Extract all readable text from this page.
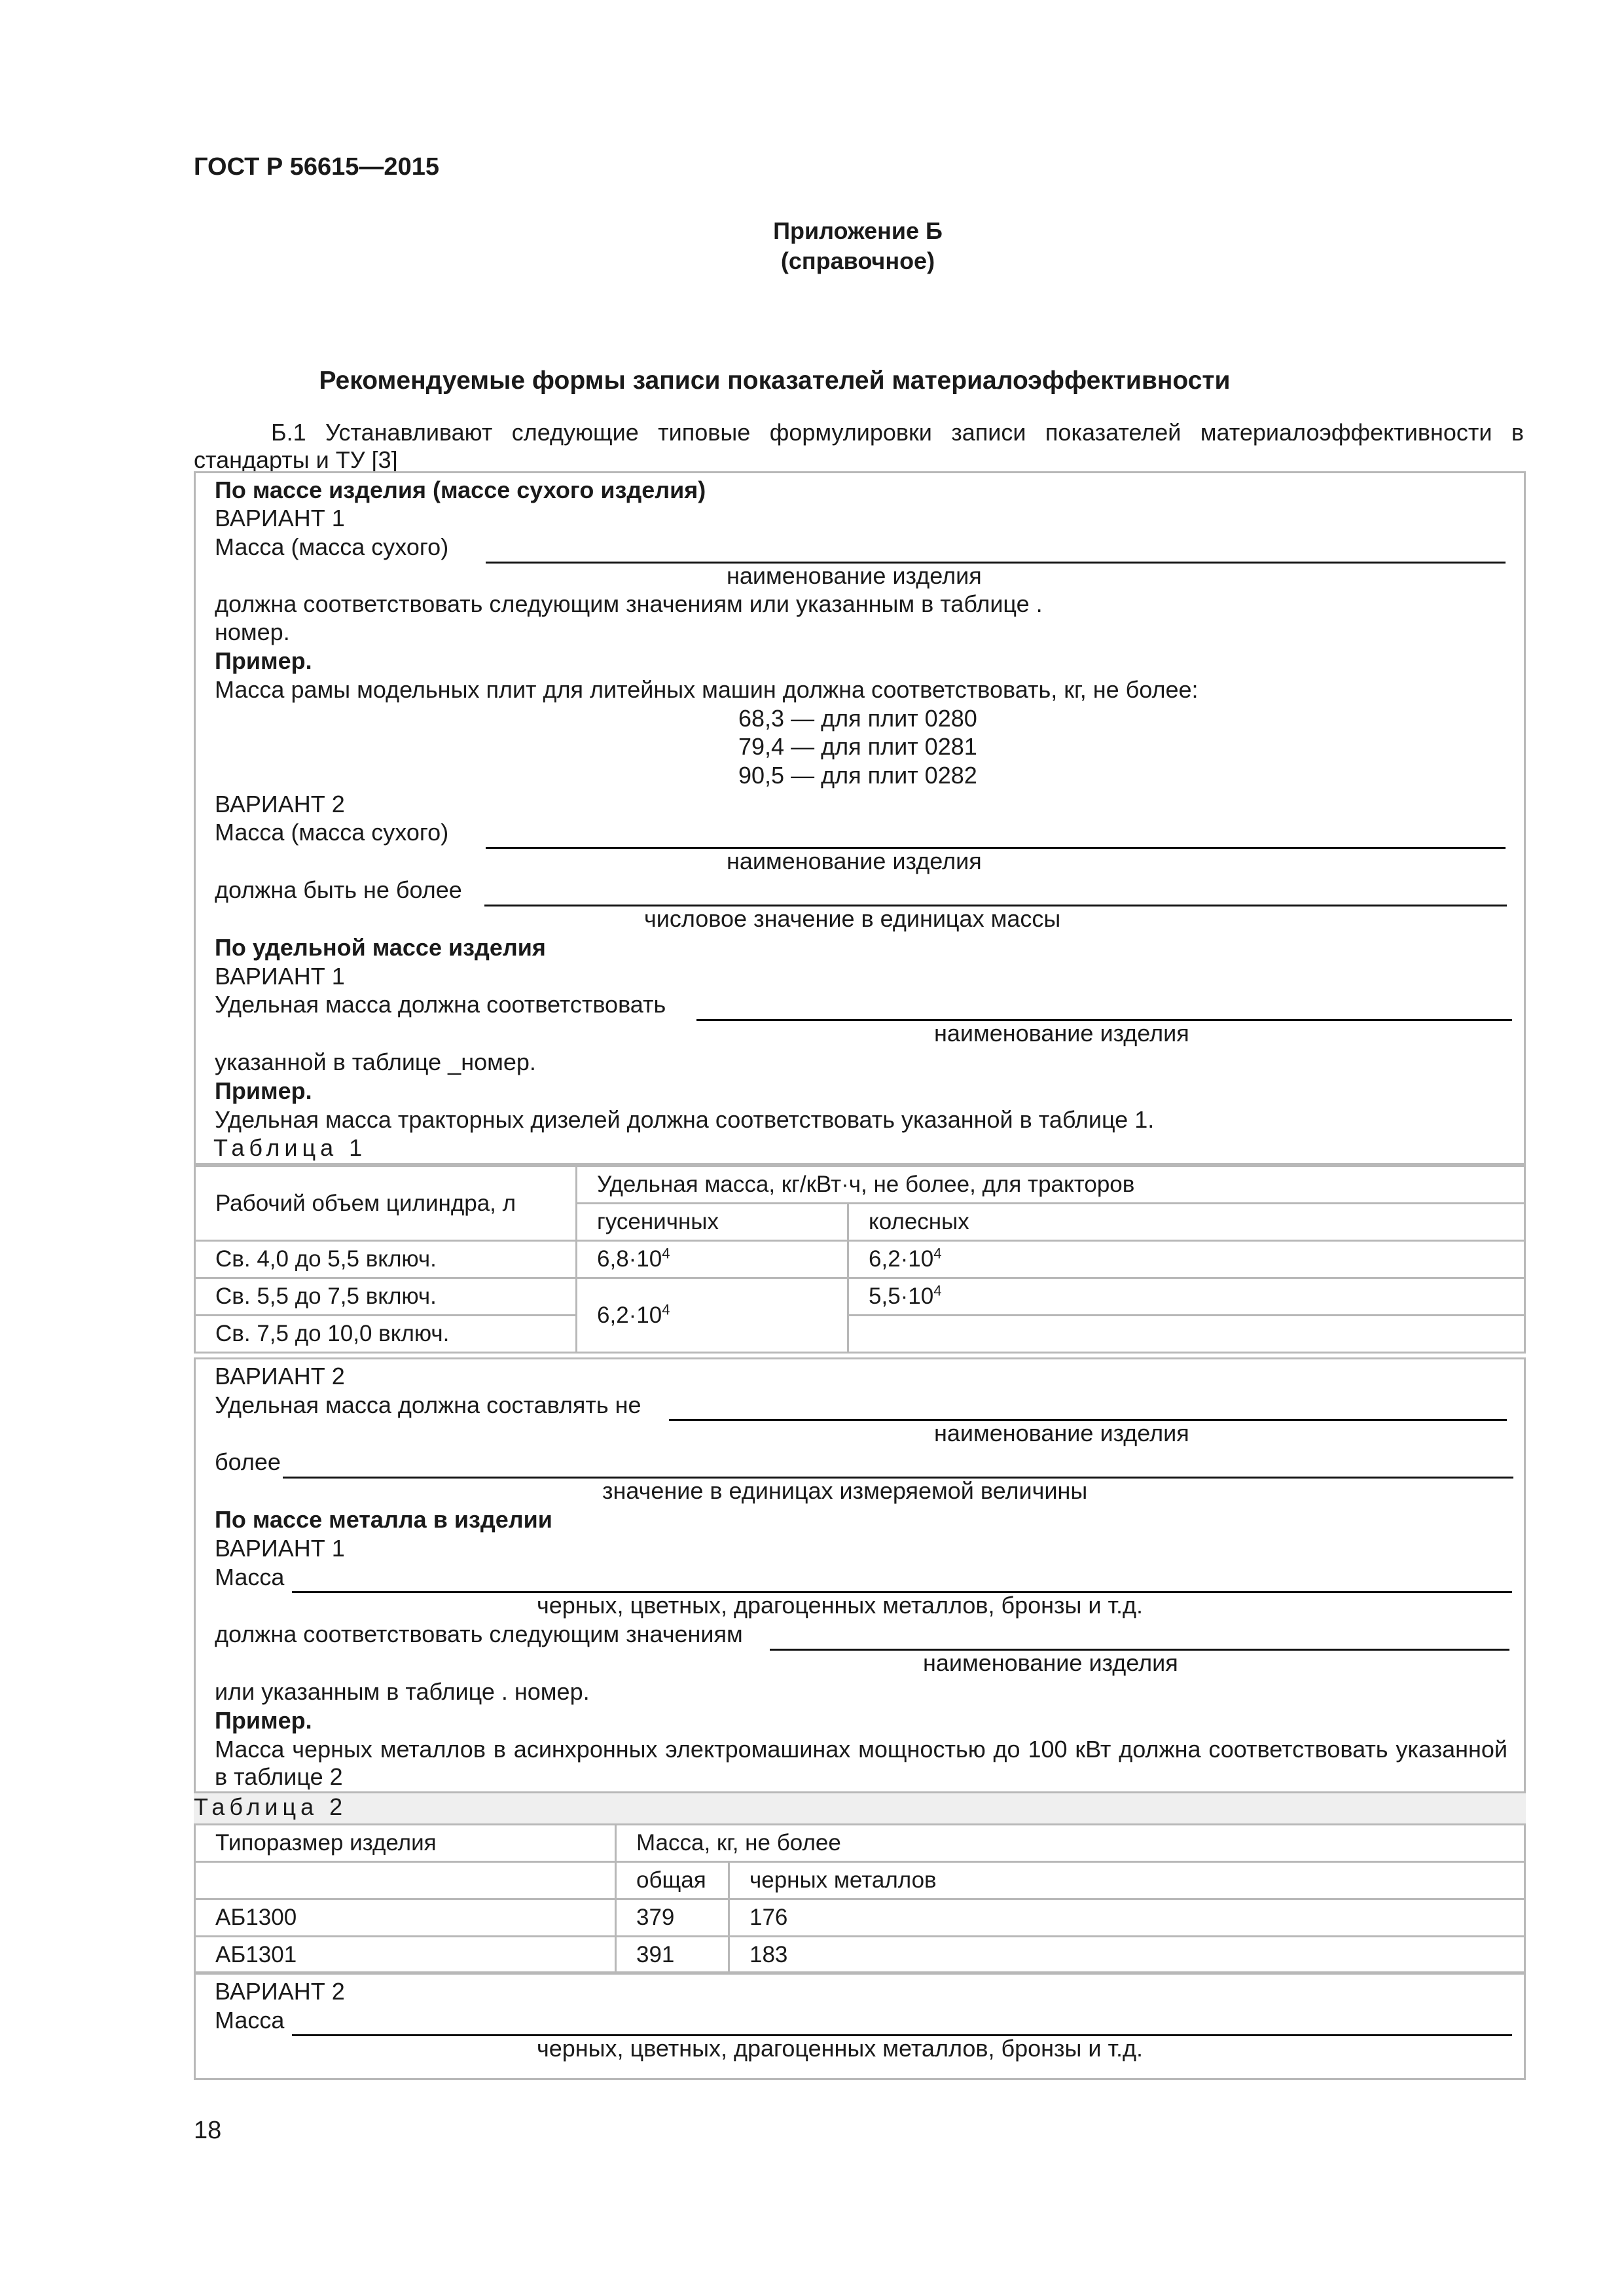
ГОСТ Р 56615—2015
Приложение Б
(справочное)
Рекомендуемые формы записи показателей материалоэффективности
Б.1 Устанавливают следующие типовые формулировки записи показателей материалоэффективности в стандарты и ТУ [3]
По массе изделия (массе сухого изделия)
ВАРИАНТ 1
Масса (масса сухого)
наименование изделия
должна соответствовать следующим значениям или указанным в таблице .
номер.
Пример.
Масса рамы модельных плит для литейных машин должна соответствовать, кг, не более:
68,3 — для плит 0280
79,4 — для плит 0281
90,5 — для плит 0282
ВАРИАНТ 2
Масса (масса сухого)
наименование изделия
должна быть не более
числовое значение в единицах массы
По удельной массе изделия
ВАРИАНТ 1
Удельная масса должна соответствовать
наименование изделия
указанной в таблице _номер.
Пример.
Удельная масса тракторных дизелей должна соответствовать указанной в таблице 1.
Таблица 1
Рабочий объем цилиндра, л	Удельная масса, кг/кВт·ч, не более, для тракторов	
	гусеничных	колесных
Св. 4,0 до 5,5 включ.	$6,8\cdot 10^4$	$6,2\cdot 10^4$
Св. 5,5 до 7,5 включ.	$6,2\cdot 10^4$	$5,5\cdot 10^4$
Св. 7,5 до 10,0 включ.		
ВАРИАНТ 2
Удельная масса должна составлять не
наименование изделия
более
значение в единицах измеряемой величины
По массе металла в изделии
ВАРИАНТ 1
Масса
черных, цветных, драгоценных металлов, бронзы и т.д.
должна соответствовать следующим значениям
наименование изделия
или указанным в таблице . номер.
Пример.
Масса черных металлов в асинхронных электромашинах мощностью до 100 кВт должна соответствовать указанной в таблице 2
Таблица 2
Типоразмер изделия	Масса, кг, не более	
	общая	черных металлов
АБ1300	379	176
АБ1301	391	183
ВАРИАНТ 2
Масса
черных, цветных, драгоценных металлов, бронзы и т.д.
18
